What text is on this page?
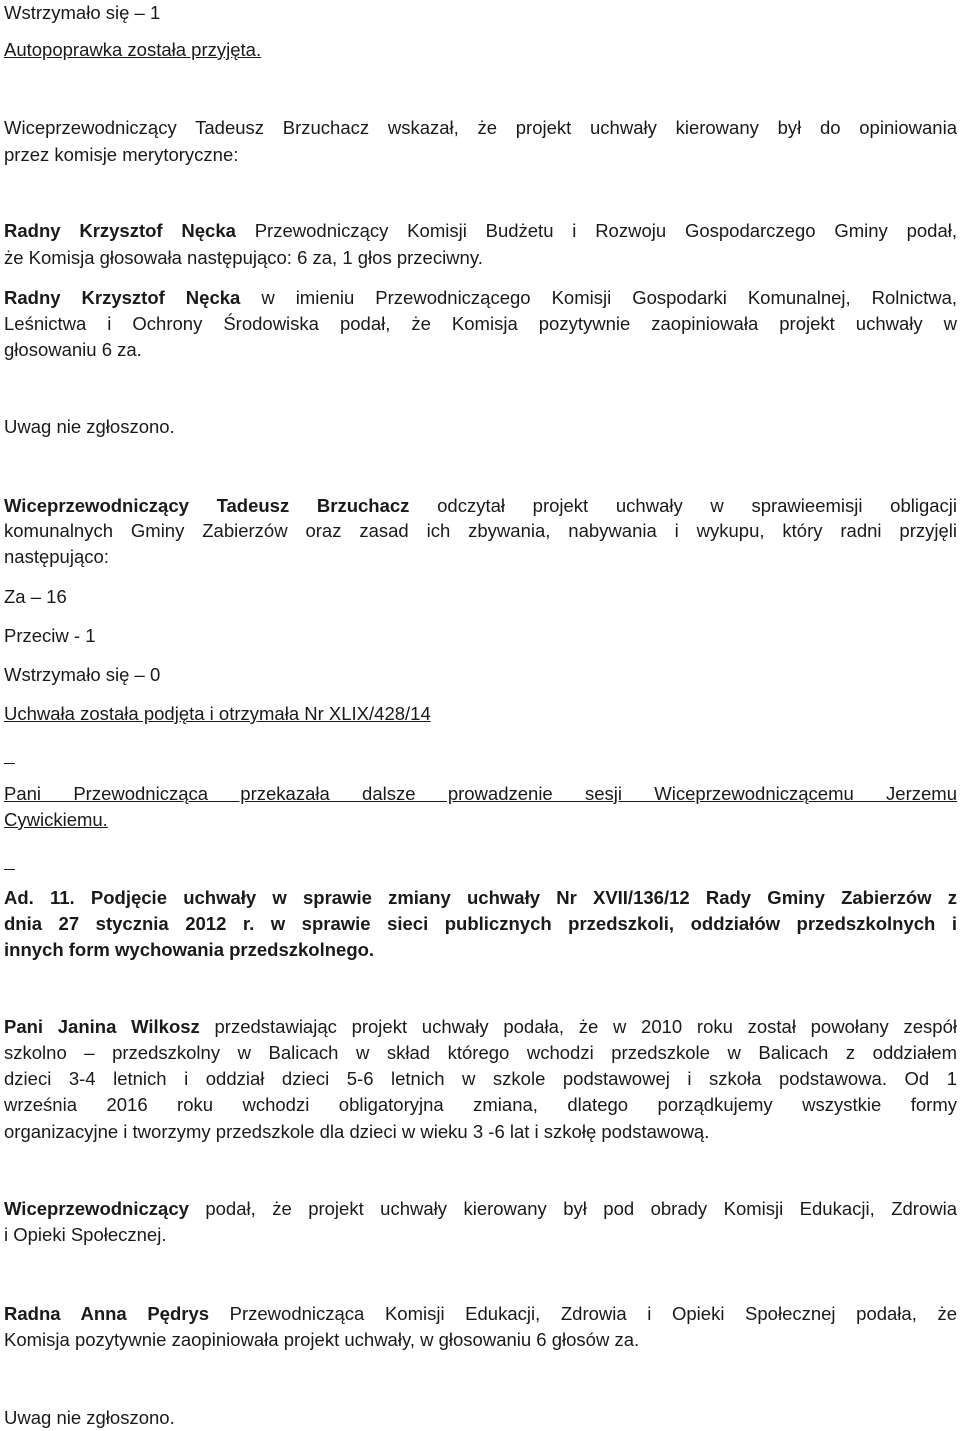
Wstrzymało się – 1
Autopoprawka została przyjęta.
Wiceprzewodniczący Tadeusz Brzuchacz wskazał, że projekt uchwały kierowany był do opiniowania
przez komisje merytoryczne:
Radny Krzysztof Nęcka Przewodniczący Komisji Budżetu i Rozwoju Gospodarczego Gminy podał,
że Komisja głosowała następująco: 6 za, 1 głos przeciwny.
Radny Krzysztof Nęcka w imieniu Przewodniczącego Komisji Gospodarki Komunalnej, Rolnictwa,
Leśnictwa i Ochrony Środowiska podał, że Komisja pozytywnie zaopiniowała projekt uchwały w
głosowaniu 6 za.
Uwag nie zgłoszono.
Wiceprzewodniczący Tadeusz Brzuchacz odczytał projekt uchwały w sprawieemisji obligacji
komunalnych Gminy Zabierzów oraz zasad ich zbywania, nabywania i wykupu, który radni przyjęli
następująco:
Za – 16
Przeciw - 1
Wstrzymało się – 0
Uchwała została podjęta i otrzymała Nr XLIX/428/14
Pani Przewodnicząca przekazała dalsze prowadzenie sesji Wiceprzewodniczącemu Jerzemu
Cywickiemu.
Ad. 11. Podjęcie uchwały w sprawie zmiany uchwały Nr XVII/136/12 Rady Gminy Zabierzów z
dnia 27 stycznia 2012 r. w sprawie sieci publicznych przedszkoli, oddziałów przedszkolnych i
innych form wychowania przedszkolnego.
Pani Janina Wilkosz przedstawiając projekt uchwały podała, że w 2010 roku został powołany zespół
szkolno – przedszkolny w Balicach w skład którego wchodzi przedszkole w Balicach z oddziałem
dzieci 3-4 letnich i oddział dzieci 5-6 letnich w szkole podstawowej i szkoła podstawowa. Od 1
września 2016 roku wchodzi obligatoryjna zmiana, dlatego porządkujemy wszystkie formy
organizacyjne i tworzymy przedszkole dla dzieci w wieku 3 -6 lat i szkołę podstawową.
Wiceprzewodniczący podał, że projekt uchwały kierowany był pod obrady Komisji Edukacji, Zdrowia
i Opieki Społecznej.
Radna Anna Pędrys Przewodnicząca Komisji Edukacji, Zdrowia i Opieki Społecznej podała, że
Komisja pozytywnie zaopiniowała projekt uchwały, w głosowaniu 6 głosów za.
Uwag nie zgłoszono.
